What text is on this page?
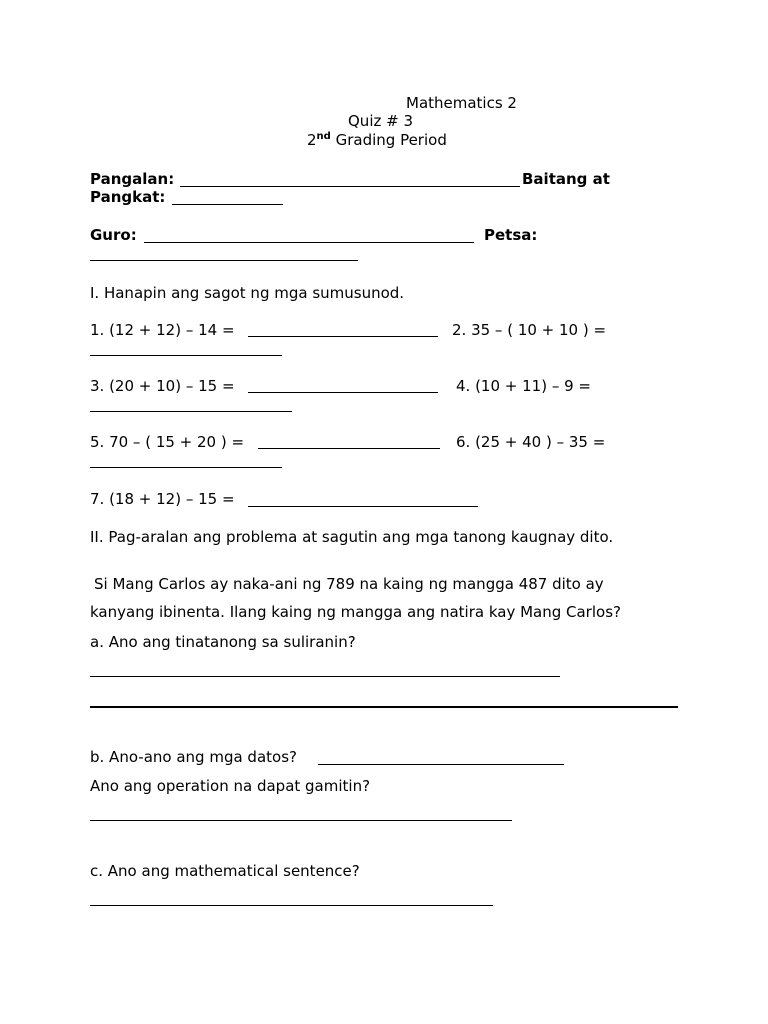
Mathematics 2
Quiz # 3
2nd Grading Period
Pangalan:	Baitang at
Pangkat:
Guro:	Petsa:
I. Hanapin ang sagot ng mga sumusunod.
1. (12 + 12) – 14 =	2. 35 – ( 10 + 10 ) =
3. (20 + 10) – 15 =	4. (10 + 11) – 9 =
5. 70 – ( 15 + 20 ) =	6. (25 + 40 ) – 35 =
7. (18 + 12) – 15 =
II. Pag-aralan ang problema at sagutin ang mga tanong kaugnay dito.
Si Mang Carlos ay naka-ani ng 789 na kaing ng mangga 487 dito ay
kanyang ibinenta. Ilang kaing ng mangga ang natira kay Mang Carlos?
a. Ano ang tinatanong sa suliranin?
b. Ano-ano ang mga datos?
Ano ang operation na dapat gamitin?
c. Ano ang mathematical sentence?
